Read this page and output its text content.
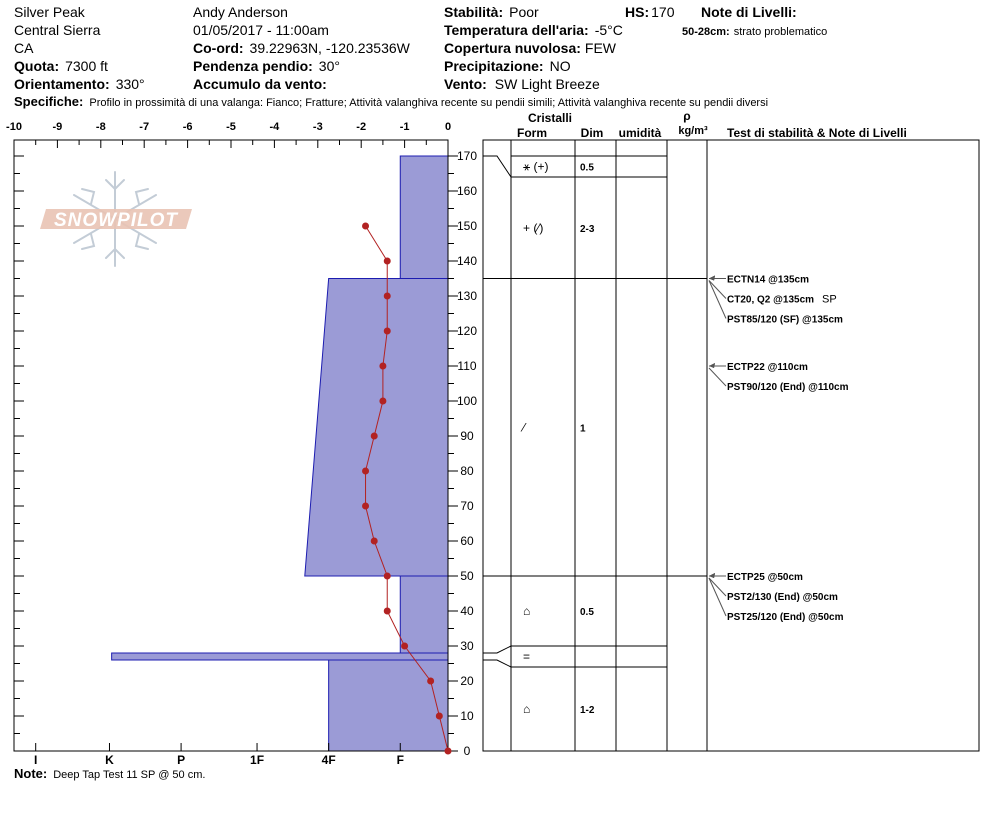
Silver Peak
Central Sierra
CA
Quota: 7300 ft
Orientamento: 330°
Andy Anderson
01/05/2017 - 11:00am
Co-ord: 39.22963N, -120.23536W
Pendenza pendio: 30°
Accumulo da vento:
Stabilità: Poor	HS: 170
Temperatura dell'aria: -5°C
Copertura nuvolosa: FEW
Precipitazione: NO
Vento: SW Light Breeze
Note di Livelli:
50-28cm: strato problematico
Specifiche: Profilo in prossimità di una valanga: Fianco; Fratture; Attività valanghiva recente su pendii simili; Attività valanghiva recente su pendii diversi
-10	-9	-8	-7	-6	-5	-4	-3	-2	-1	0
SNOWPILOT
0
10
20
30
40
50
60
70
80
90
100
110
120
130
140
150
160
170
I	K	P	1F	4F	F
Cristalli
Form	Dim umidità
ρ
kg/m³ Test di stabilità & Note di Livelli
⚹ (+)	0.5
+ (⁄)	2-3
⁄	1
⌂	0.5
=
⌂	1-2
ECTP25 @50cm
PST2/130 (End) @50cm
PST25/120 (End) @50cm
ECTP22 @110cm
PST90/120 (End) @110cm
ECTN14 @135cm
CT20, Q2 @135cm SP
PST85/120 (SF) @135cm
Note: Deep Tap Test 11 SP @ 50 cm.
